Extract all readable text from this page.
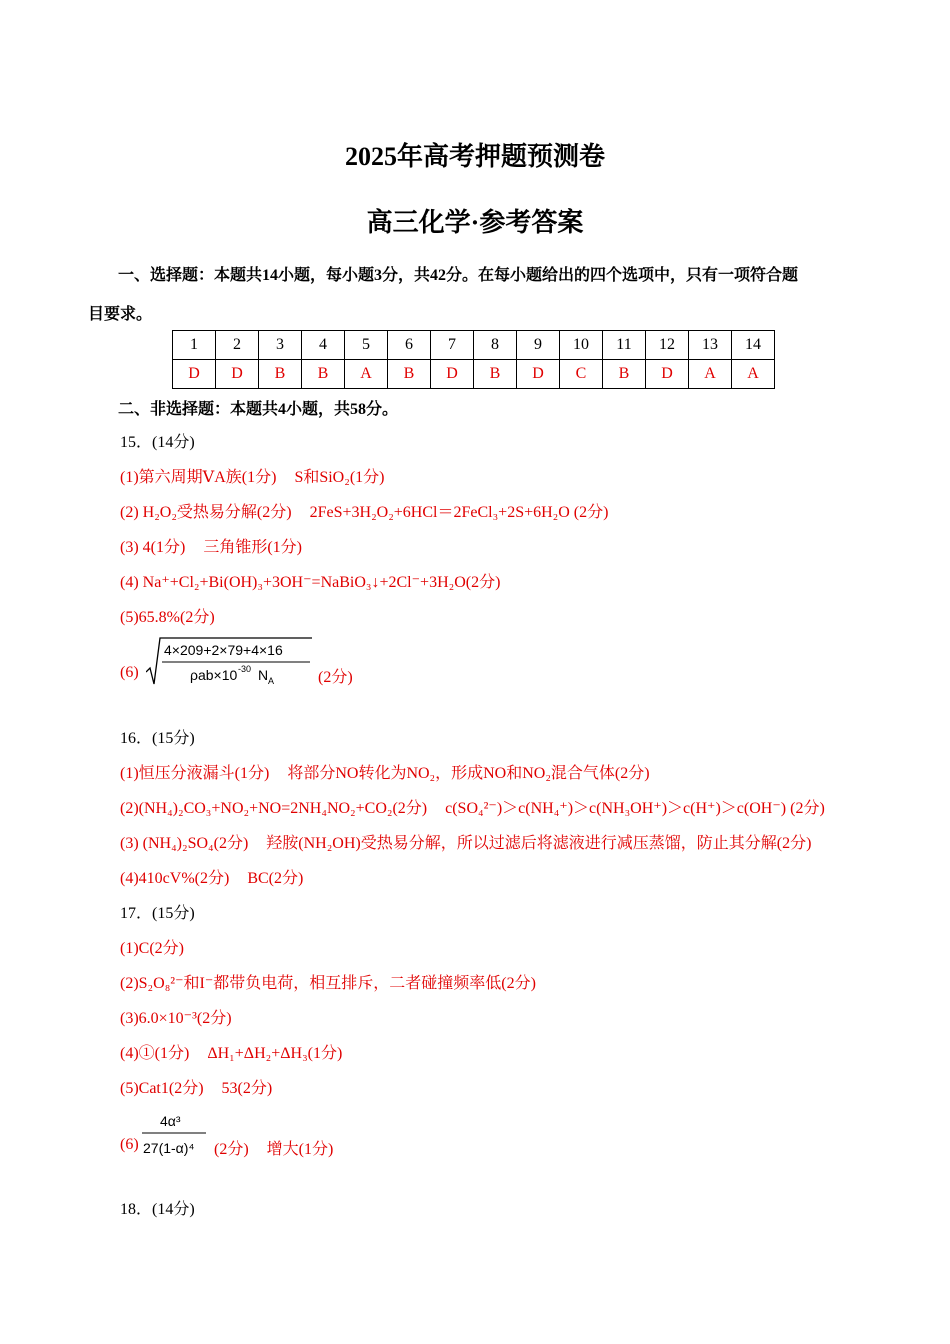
2025年高考押题预测卷
高三化学·参考答案
一、选择题：本题共14小题，每小题3分，共42分。在每小题给出的四个选项中，只有一项符合题
目要求。
1	2	3	4	5	6	7	8	9	10	11	12	13	14
D	D	B	B	A	B	D	B	D	C	B	D	A	A
二、非选择题：本题共4小题，共58分。
15．(14分)
(1)第六周期ⅤA族(1分) S和SiO₂(1分)
(2) H₂O₂受热易分解(2分) 2FeS+3H₂O₂+6HCl＝2FeCl₃+2S+6H₂O (2分)
(3) 4(1分) 三角锥形(1分)
(4) Na⁺+Cl₂+Bi(OH)₃+3OH⁻=NaBiO₃↓+2Cl⁻+3H₂O(2分)
(5)65.8%(2分)
(6)
4×209+2×79+4×16
ρab×10 -30 N A	(2分)
16．(15分)
(1)恒压分液漏斗(1分) 将部分NO转化为NO₂，形成NO和NO₂混合气体(2分)
(2)(NH₄)₂CO₃+NO₂+NO=2NH₄NO₂+CO₂(2分) c(SO₄²⁻)＞c(NH₄⁺)＞c(NH₃OH⁺)＞c(H⁺)＞c(OH⁻) (2分)
(3) (NH₄)₂SO₄(2分) 羟胺(NH₂OH)受热易分解，所以过滤后将滤液进行减压蒸馏，防止其分解(2分)
(4)410cV%(2分) BC(2分)
17．(15分)
(1)C(2分)
(2)S₂O₈²⁻和I⁻都带负电荷，相互排斥，二者碰撞频率低(2分)
(3)6.0×10⁻³(2分)
(4)①(1分) ΔH₁+ΔH₂+ΔH₃(1分)
(5)Cat1(2分) 53(2分)
(6)
4α³
27(1-α)⁴ (2分) 增大(1分)
18．(14分)
